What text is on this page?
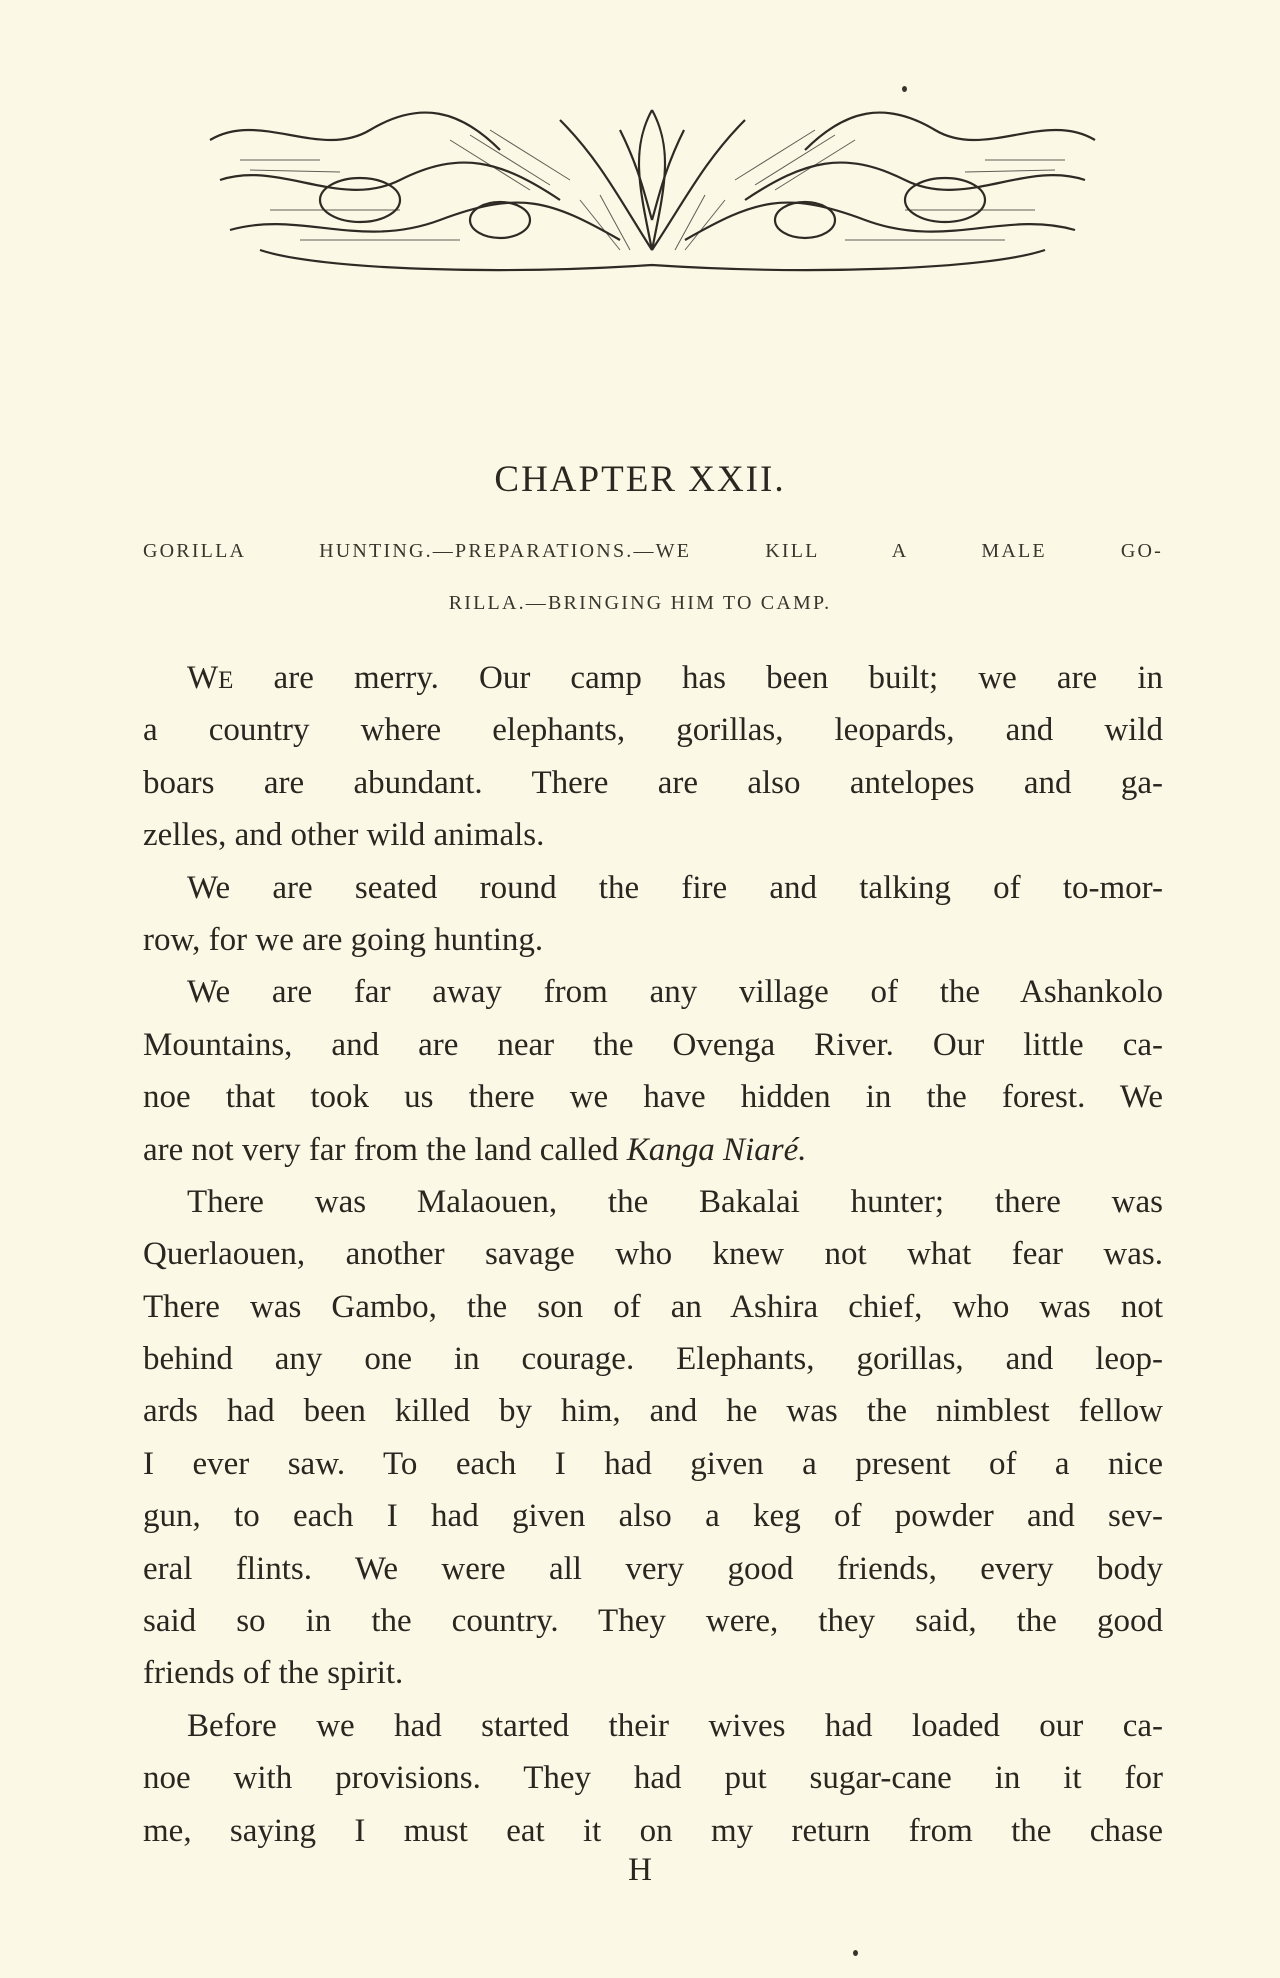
CHAPTER XXII.
GORILLA HUNTING.—PREPARATIONS.—WE KILL A MALE GO-
RILLA.—BRINGING HIM TO CAMP.
WE are merry. Our camp has been built; we are in
a country where elephants, gorillas, leopards, and wild
boars are abundant. There are also antelopes and ga-
zelles, and other wild animals.
We are seated round the fire and talking of to-mor-
row, for we are going hunting.
We are far away from any village of the Ashankolo
Mountains, and are near the Ovenga River. Our little ca-
noe that took us there we have hidden in the forest. We
are not very far from the land called Kanga Niaré.
There was Malaouen, the Bakalai hunter; there was
Querlaouen, another savage who knew not what fear was.
There was Gambo, the son of an Ashira chief, who was not
behind any one in courage. Elephants, gorillas, and leop-
ards had been killed by him, and he was the nimblest fellow
I ever saw. To each I had given a present of a nice
gun, to each I had given also a keg of powder and sev-
eral flints. We were all very good friends, every body
said so in the country. They were, they said, the good
friends of the spirit.
Before we had started their wives had loaded our ca-
noe with provisions. They had put sugar-cane in it for
me, saying I must eat it on my return from the chase
H
